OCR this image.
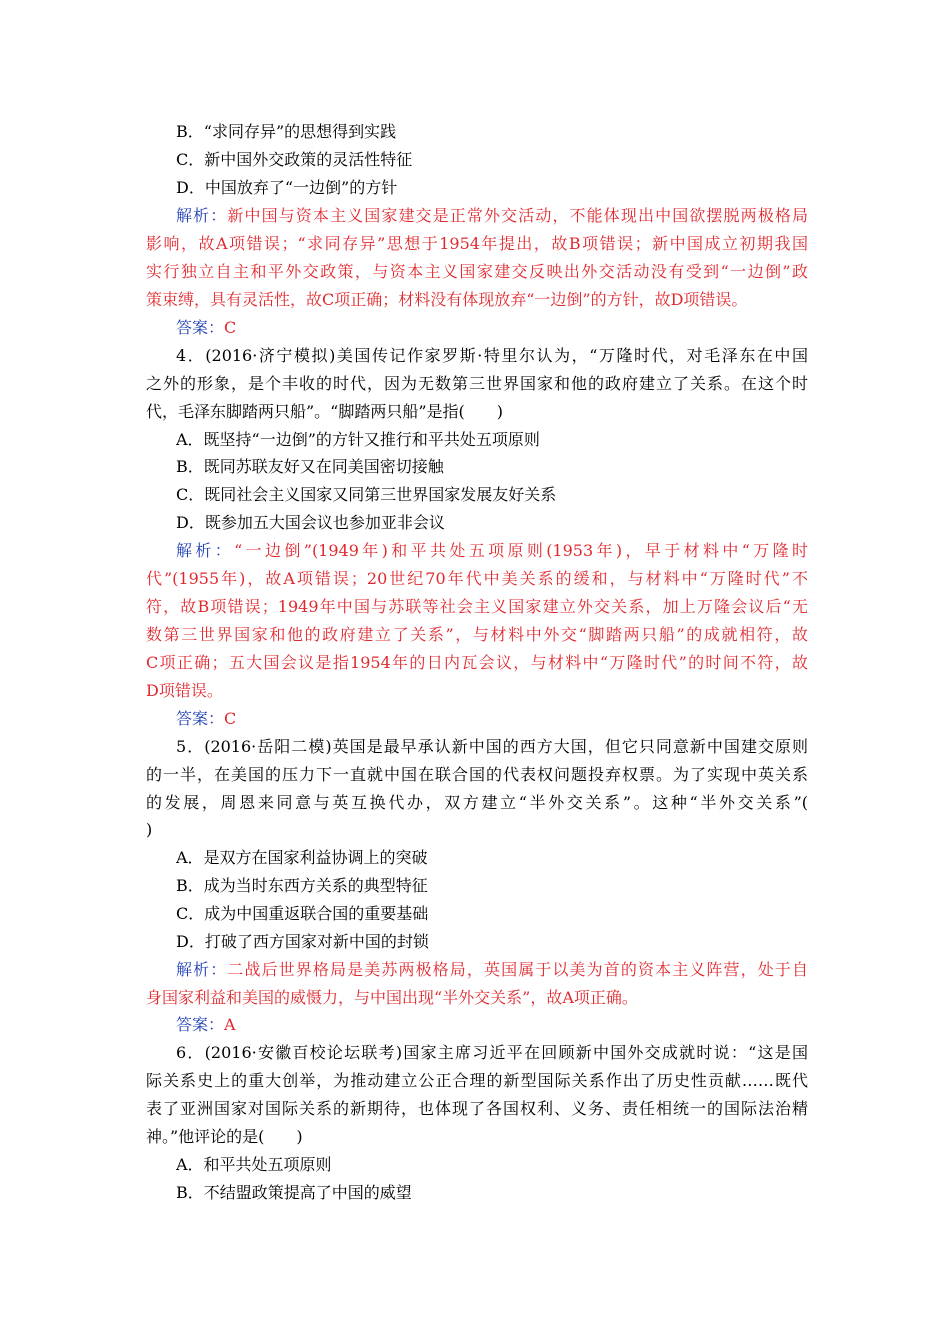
B．“求同存异”的思想得到实践
C．新中国外交政策的灵活性特征
D．中国放弃了“一边倒”的方针
解析：新中国与资本主义国家建交是正常外交活动，不能体现出中国欲摆脱两极格局
影响，故A项错误；“求同存异”思想于1954年提出，故B项错误；新中国成立初期我国
实行独立自主和平外交政策，与资本主义国家建交反映出外交活动没有受到“一边倒”政
策束缚，具有灵活性，故C项正确；材料没有体现放弃“一边倒”的方针，故D项错误。
答案：C
4．(2016·济宁模拟)美国传记作家罗斯·特里尔认为，“万隆时代，对毛泽东在中国
之外的形象，是个丰收的时代，因为无数第三世界国家和他的政府建立了关系。在这个时
代，毛泽东脚踏两只船”。“脚踏两只船”是指(　　)
A．既坚持“一边倒”的方针又推行和平共处五项原则
B．既同苏联友好又在同美国密切接触
C．既同社会主义国家又同第三世界国家发展友好关系
D．既参加五大国会议也参加亚非会议
解析：“一边倒”(1949年)和平共处五项原则(1953年)，早于材料中“万隆时
代”(1955年)，故A项错误；20世纪70年代中美关系的缓和，与材料中“万隆时代”不
符，故B项错误；1949年中国与苏联等社会主义国家建立外交关系，加上万隆会议后“无
数第三世界国家和他的政府建立了关系”，与材料中外交“脚踏两只船”的成就相符，故
C项正确；五大国会议是指1954年的日内瓦会议，与材料中“万隆时代”的时间不符，故
D项错误。
答案：C
5．(2016·岳阳二模)英国是最早承认新中国的西方大国，但它只同意新中国建交原则
的一半，在美国的压力下一直就中国在联合国的代表权问题投弃权票。为了实现中英关系
的发展，周恩来同意与英互换代办，双方建立“半外交关系”。这种“半外交关系”(
)
A．是双方在国家利益协调上的突破
B．成为当时东西方关系的典型特征
C．成为中国重返联合国的重要基础
D．打破了西方国家对新中国的封锁
解析：二战后世界格局是美苏两极格局，英国属于以美为首的资本主义阵营，处于自
身国家利益和美国的威慑力，与中国出现“半外交关系”，故A项正确。
答案：A
6．(2016·安徽百校论坛联考)国家主席习近平在回顾新中国外交成就时说：“这是国
际关系史上的重大创举，为推动建立公正合理的新型国际关系作出了历史性贡献……既代
表了亚洲国家对国际关系的新期待，也体现了各国权利、义务、责任相统一的国际法治精
神。”他评论的是(　　)
A．和平共处五项原则
B．不结盟政策提高了中国的威望
